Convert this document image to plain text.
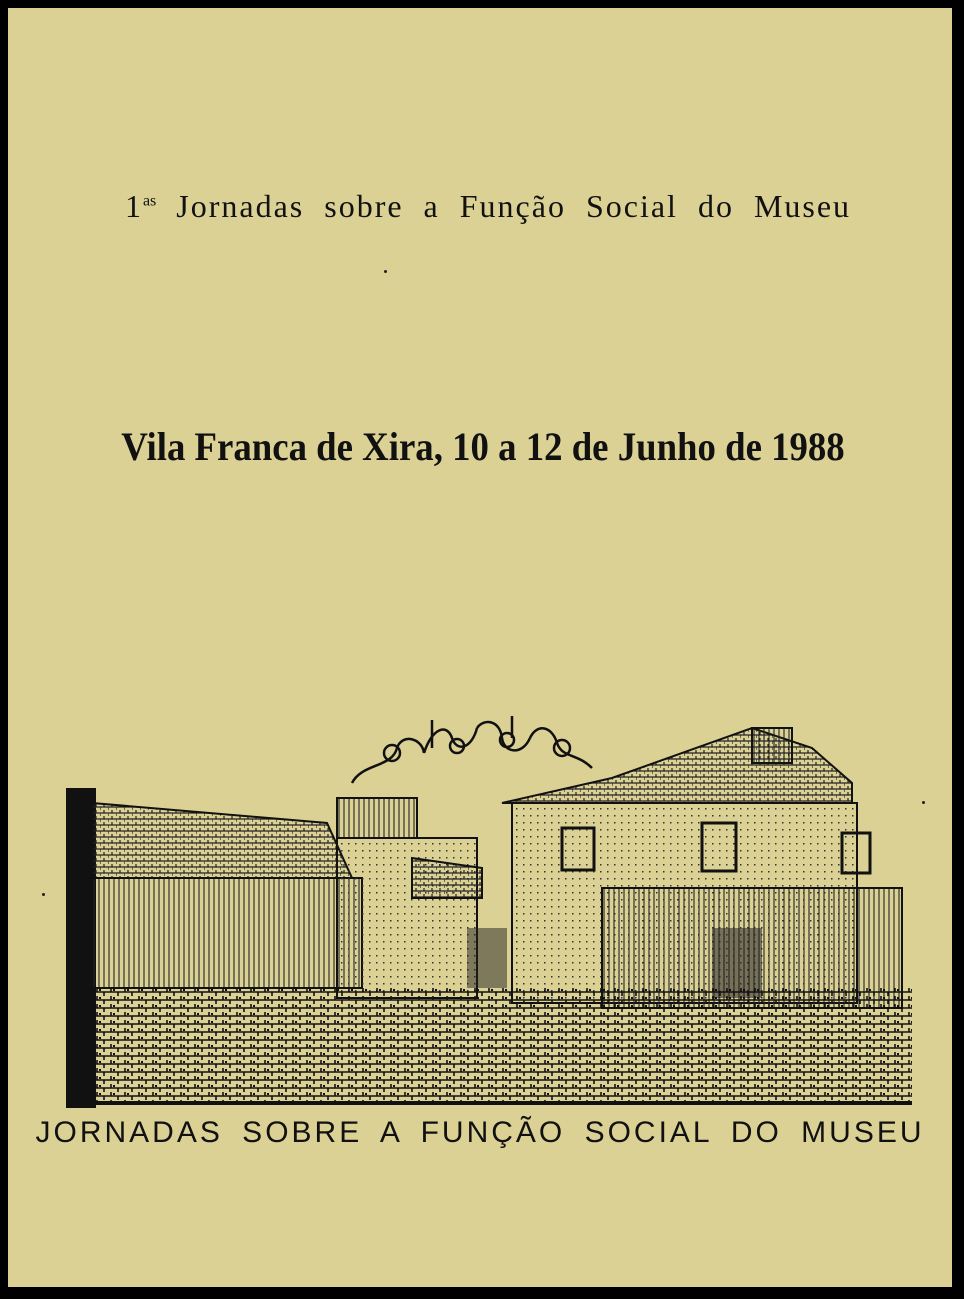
$1^{as}$ Jornadas sobre a Função Social do Museu
Vila Franca de Xira, 10 a 12 de Junho de 1988
JORNADAS SOBRE A FUNÇÃO SOCIAL DO MUSEU
